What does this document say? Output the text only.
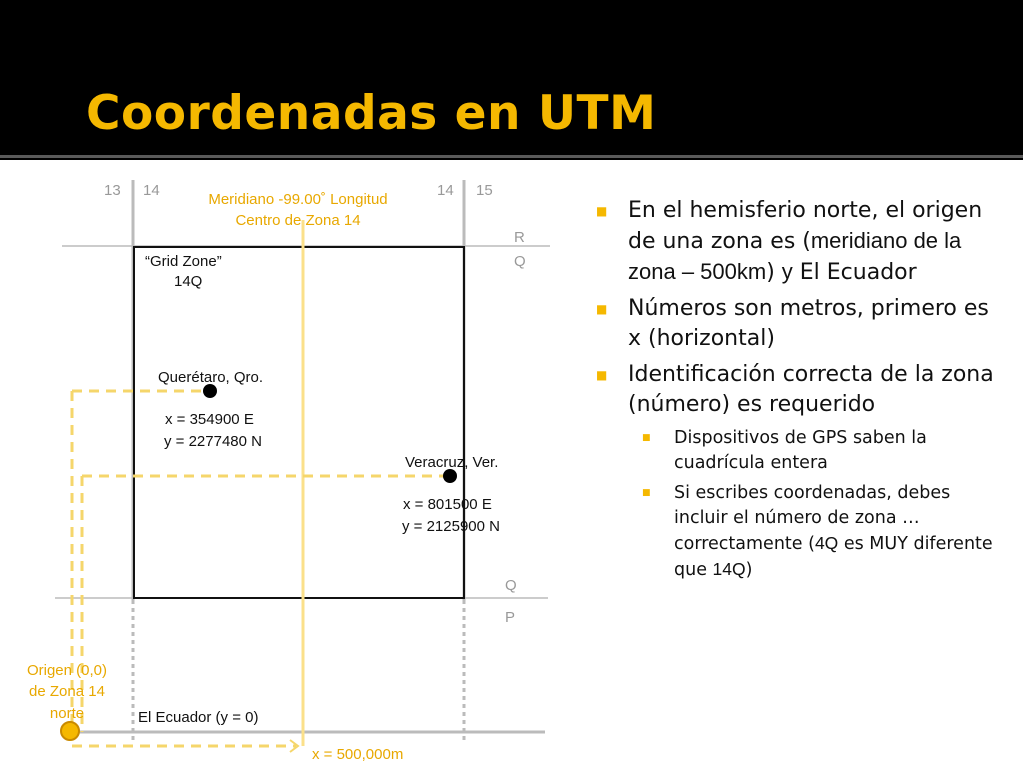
Coordenadas en UTM
13 14	14 15
R
Q
Q
P
Meridiano -99.00˚ Longitud
Centro de Zona 14
“Grid Zone”
14Q
Querétaro, Qro.
x = 354900 E
y = 2277480 N
Veracruz, Ver.
x = 801500 E
y = 2125900 N
Origen (0,0)
de Zona 14
norte	El Ecuador (y = 0)
x = 500,000m
■ En el hemisferio norte, el origen de una zona es (meridiano de la zona – 500km) y El Ecuador
■ Números son metros, primero es x (horizontal)
■ Identificación correcta de la zona (número) es requerido
■ Dispositivos de GPS saben la cuadrícula entera
■ Si escribes coordenadas, debes incluir el número de zona … correctamente (4Q es MUY diferente que 14Q)
